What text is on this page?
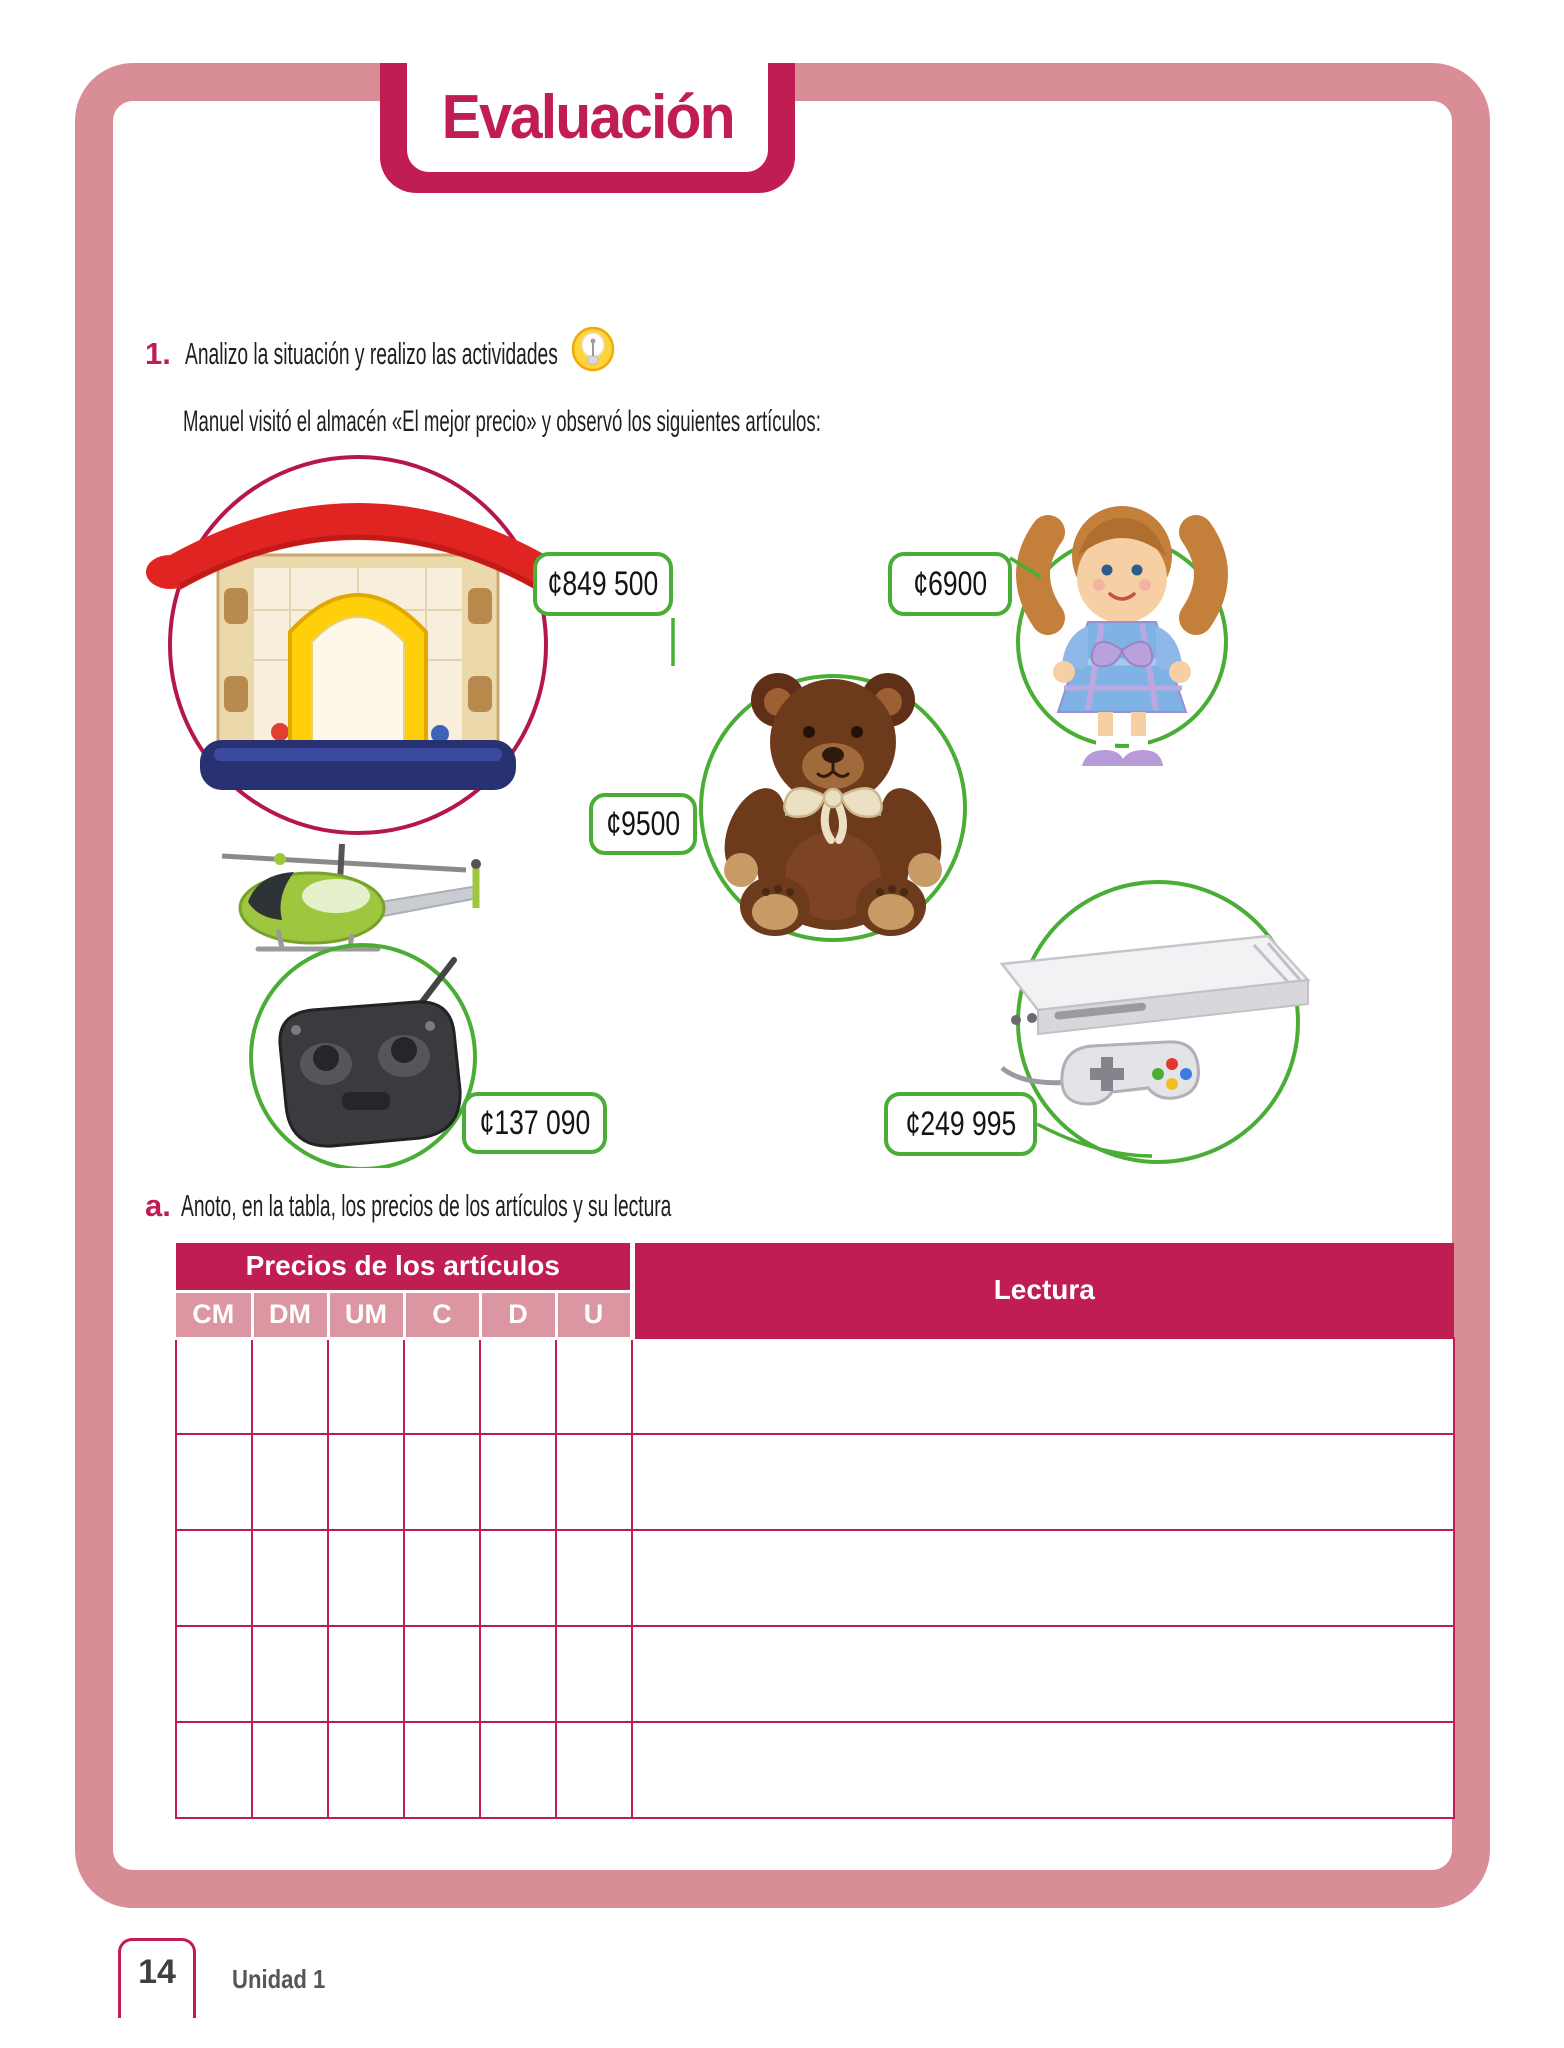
Evaluación
1. Analizo la situación y realizo las actividades
Manuel visitó el almacén «El mejor precio» y observó los siguientes artículos:
¢849 500	¢6900
¢9500
¢137 090	¢249 995
a. Anoto, en la tabla, los precios de los artículos y su lectura
Precios de los artículos						Lectura
CM	DM	UM	C	D	U	

14 Unidad 1
